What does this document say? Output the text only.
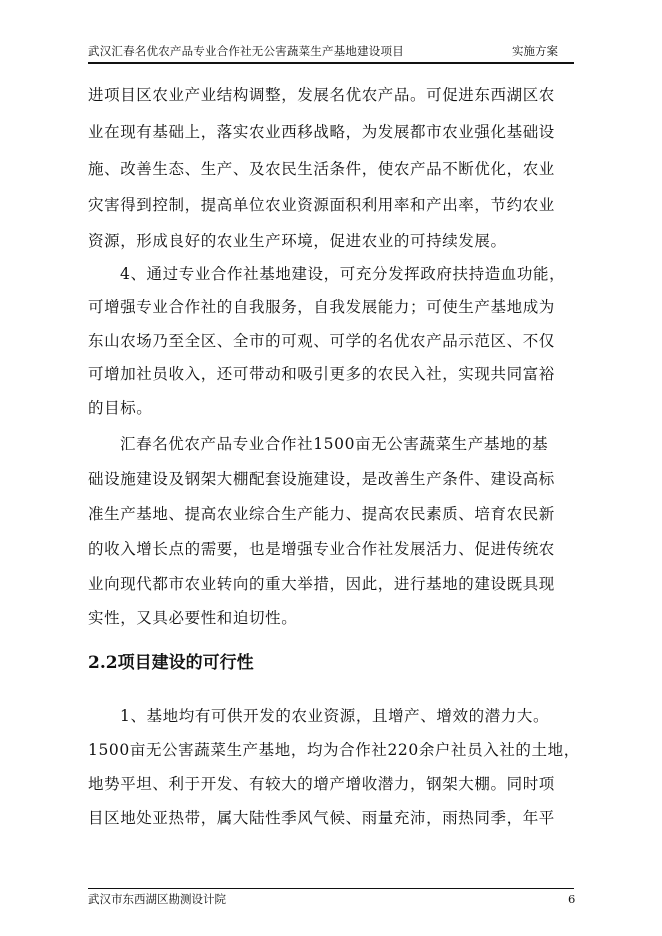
武汉汇春名优农产品专业合作社无公害蔬菜生产基地建设项目	实施方案
进项目区农业产业结构调整，发展名优农产品。可促进东西湖区农
业在现有基础上，落实农业西移战略，为发展都市农业强化基础设
施、改善生态、生产、及农民生活条件，使农产品不断优化，农业
灾害得到控制，提高单位农业资源面积利用率和产出率，节约农业
资源，形成良好的农业生产环境，促进农业的可持续发展。
4、通过专业合作社基地建设，可充分发挥政府扶持造血功能，
可增强专业合作社的自我服务，自我发展能力；可使生产基地成为
东山农场乃至全区、全市的可观、可学的名优农产品示范区、不仅
可增加社员收入，还可带动和吸引更多的农民入社，实现共同富裕
的目标。
汇春名优农产品专业合作社1500亩无公害蔬菜生产基地的基
础设施建设及钢架大棚配套设施建设，是改善生产条件、建设高标
准生产基地、提高农业综合生产能力、提高农民素质、培育农民新
的收入增长点的需要，也是增强专业合作社发展活力、促进传统农
业向现代都市农业转向的重大举措，因此，进行基地的建设既具现
实性，又具必要性和迫切性。
2.2项目建设的可行性
1、基地均有可供开发的农业资源，且增产、增效的潜力大。
1500亩无公害蔬菜生产基地，均为合作社220余户社员入社的土地，
地势平坦、利于开发、有较大的增产增收潜力，钢架大棚。同时项
目区地处亚热带，属大陆性季风气候、雨量充沛，雨热同季，年平
武汉市东西湖区勘测设计院	6
